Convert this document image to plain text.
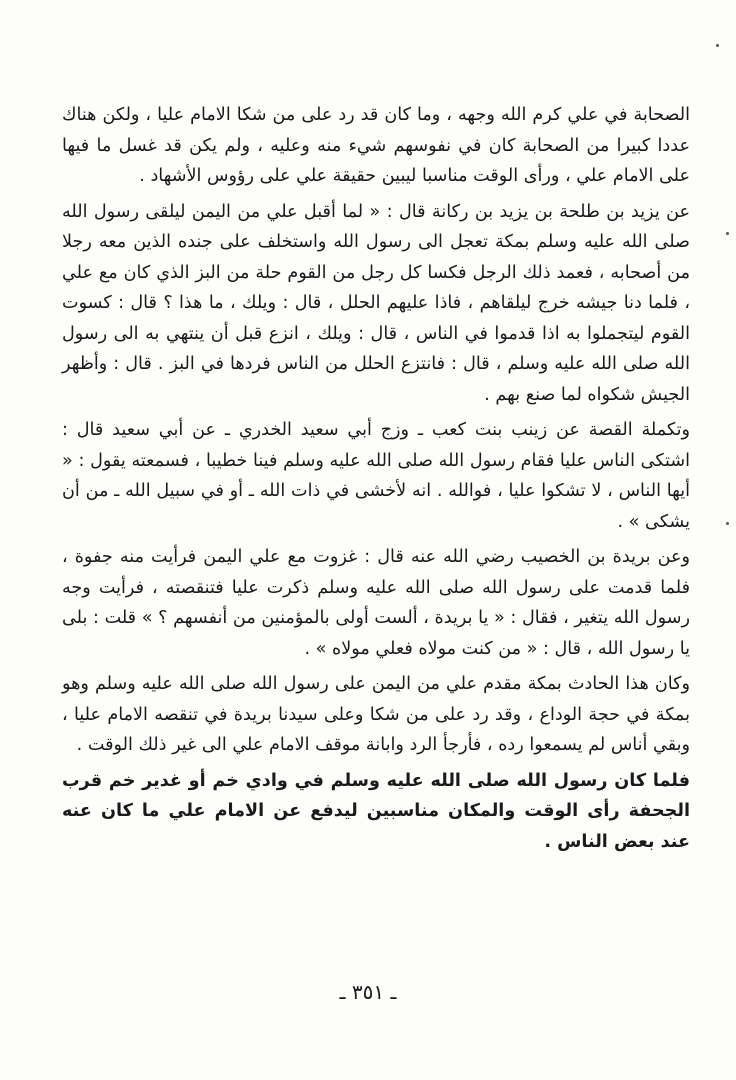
الصحابة في علي كرم الله وجهه ، وما كان قد رد على من شكا الامام عليا ، ولكن هناك عددا كبيرا من الصحابة كان في نفوسهم شيء منه وعليه ، ولم يكن قد غسل ما فيها على الامام علي ، ورأى الوقت مناسبا ليبين حقيقة علي على رؤوس الأشهاد .

عن يزيد بن طلحة بن يزيد بن ركانة قال : « لما أقبل علي من اليمن ليلقى رسول الله صلى الله عليه وسلم بمكة تعجل الى رسول الله واستخلف على جنده الذين معه رجلا من أصحابه ، فعمد ذلك الرجل فكسا كل رجل من القوم حلة من البز الذي كان مع علي ، فلما دنا جيشه خرج ليلقاهم ، فاذا عليهم الحلل ، قال : ويلك ، ما هذا ؟ قال : كسوت القوم ليتجملوا به اذا قدموا في الناس ، قال : ويلك ، انزع قبل أن ينتهي به الى رسول الله صلى الله عليه وسلم ، قال : فانتزع الحلل من الناس فردها في البز . قال : وأظهر الجيش شكواه لما صنع بهم .

وتكملة القصة عن زينب بنت كعب ـ وزج أبي سعيد الخدري ـ عن أبي سعيد قال : اشتكى الناس عليا فقام رسول الله صلى الله عليه وسلم فينا خطيبا ، فسمعته يقول : « أيها الناس ، لا تشكوا عليا ، فوالله . انه لأخشى في ذات الله ـ أو في سبيل الله ـ من أن يشكى » .

وعن بريدة بن الخصيب رضي الله عنه قال : غزوت مع علي اليمن فرأيت منه جفوة ، فلما قدمت على رسول الله صلى الله عليه وسلم ذكرت عليا فتنقصته ، فرأيت وجه رسول الله يتغير ، فقال : « يا بريدة ، ألست أولى بالمؤمنين من أنفسهم ؟ » قلت : بلى يا رسول الله ، قال : « من كنت مولاه فعلي مولاه » .

وكان هذا الحادث بمكة مقدم علي من اليمن على رسول الله صلى الله عليه وسلم وهو بمكة في حجة الوداع ، وقد رد على من شكا وعلى سيدنا بريدة في تنقصه الامام عليا ، وبقي أناس لم يسمعوا رده ، فأرجأ الرد وابانة موقف الامام علي الى غير ذلك الوقت .

فلما كان رسول الله صلى الله عليه وسلم في وادي خم أو غدير خم قرب الجحفة رأى الوقت والمكان مناسبين ليدفع عن الامام علي ما كان عنه عند بعض الناس .

ـ ٣٥١ ـ
